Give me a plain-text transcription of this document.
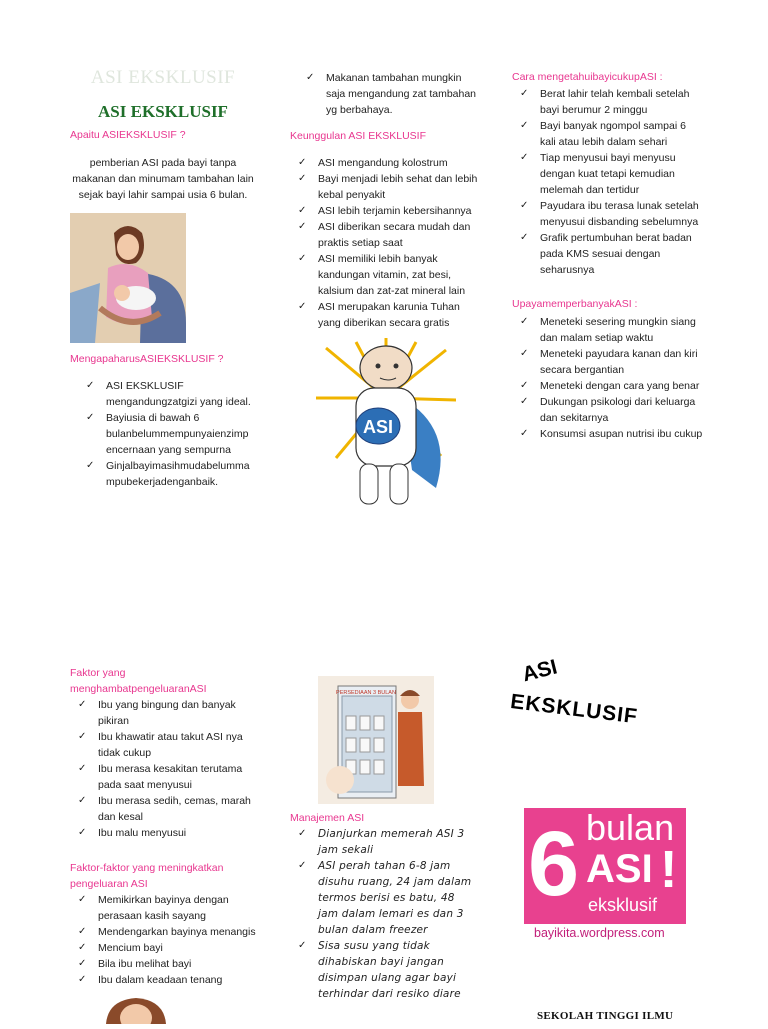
ASI EKSKLUSIF
ASI EKSKLUSIF
Apaitu ASIEKSKLUSIF ?
pemberian ASI pada bayi tanpa makanan dan minumam tambahan lain sejak bayi lahir sampai usia 6 bulan.
MengapaharusASIEKSKLUSIF ?
✓ ASI EKSKLUSIF mengandungzatgizi yang ideal.
✓ Bayiusia di bawah 6 bulanbelummempunyaienzimp encernaan yang sempurna
✓ Ginjalbayimasihmudabelumma mpubekerjadenganbaik.
Faktor yang menghambatpengeluaranASI
✓ Ibu yang bingung dan banyak pikiran
✓ Ibu khawatir atau takut ASI nya tidak cukup
✓ Ibu merasa kesakitan terutama pada saat menyusui
✓ Ibu merasa sedih, cemas, marah dan kesal
✓ Ibu malu menyusui
Faktor-faktor yang meningkatkan pengeluaran ASI
✓ Memikirkan bayinya dengan perasaan kasih sayang
✓ Mendengarkan bayinya menangis
✓ Mencium bayi
✓ Bila ibu melihat bayi
✓ Ibu dalam keadaan tenang
✓ Makanan tambahan mungkin saja mengandung zat tambahan yg berbahaya.
Keunggulan ASI EKSKLUSIF
✓ ASI mengandung kolostrum
✓ Bayi menjadi lebih sehat dan lebih kebal penyakit
✓ ASI lebih terjamin kebersihannya
✓ ASI diberikan secara mudah dan praktis setiap saat
✓ ASI memiliki lebih banyak kandungan vitamin, zat besi, kalsium dan zat-zat mineral lain
✓ ASI merupakan karunia Tuhan yang diberikan secara gratis
ASI
PERSEDIAAN 3 BULAN
Manajemen ASI
✓ Dianjurkan memerah ASI 3 jam sekali
✓ ASI perah tahan 6-8 jam disuhu ruang, 24 jam dalam termos berisi es batu, 48 jam dalam lemari es dan 3 bulan dalam freezer
✓ Sisa susu yang tidak dihabiskan bayi jangan disimpan ulang agar bayi terhindar dari resiko diare
Cara mengetahuibayicukupASI :
✓ Berat lahir telah kembali setelah bayi berumur 2 minggu
✓ Bayi banyak ngompol sampai 6 kali atau lebih dalam sehari
✓ Tiap menyusui bayi menyusu dengan kuat tetapi kemudian melemah dan tertidur
✓ Payudara ibu terasa lunak setelah menyusui disbanding sebelumnya
✓ Grafik pertumbuhan berat badan pada KMS sesuai dengan seharusnya
UpayamemperbanyakASI :
✓ Meneteki sesering mungkin siang dan malam setiap waktu
✓ Meneteki payudara kanan dan kiri secara bergantian
✓ Meneteki dengan cara yang benar
✓ Dukungan psikologi dari keluarga dan sekitarnya
✓ Konsumsi asupan nutrisi ibu cukup
ASI
EKSKLUSIF
6 bulan
ASI !
eksklusif
bayikita.wordpress.com
SEKOLAH TINGGI ILMU
